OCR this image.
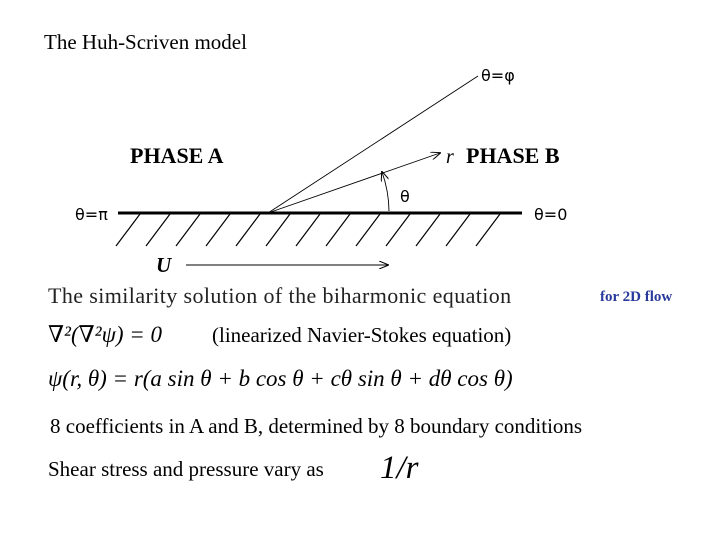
The Huh-Scriven model
PHASE A	PHASE B
r
θ
θ=φ
θ=π	θ=0
U
The similarity solution of the biharmonic equation	for 2D flow
∇²(∇²ψ) = 0 (linearized Navier-Stokes equation)
ψ(r, θ) = r(a sin θ + b cos θ + cθ sin θ + dθ cos θ)
8 coefficients in A and B, determined by 8 boundary conditions
Shear stress and pressure vary as 1/r
